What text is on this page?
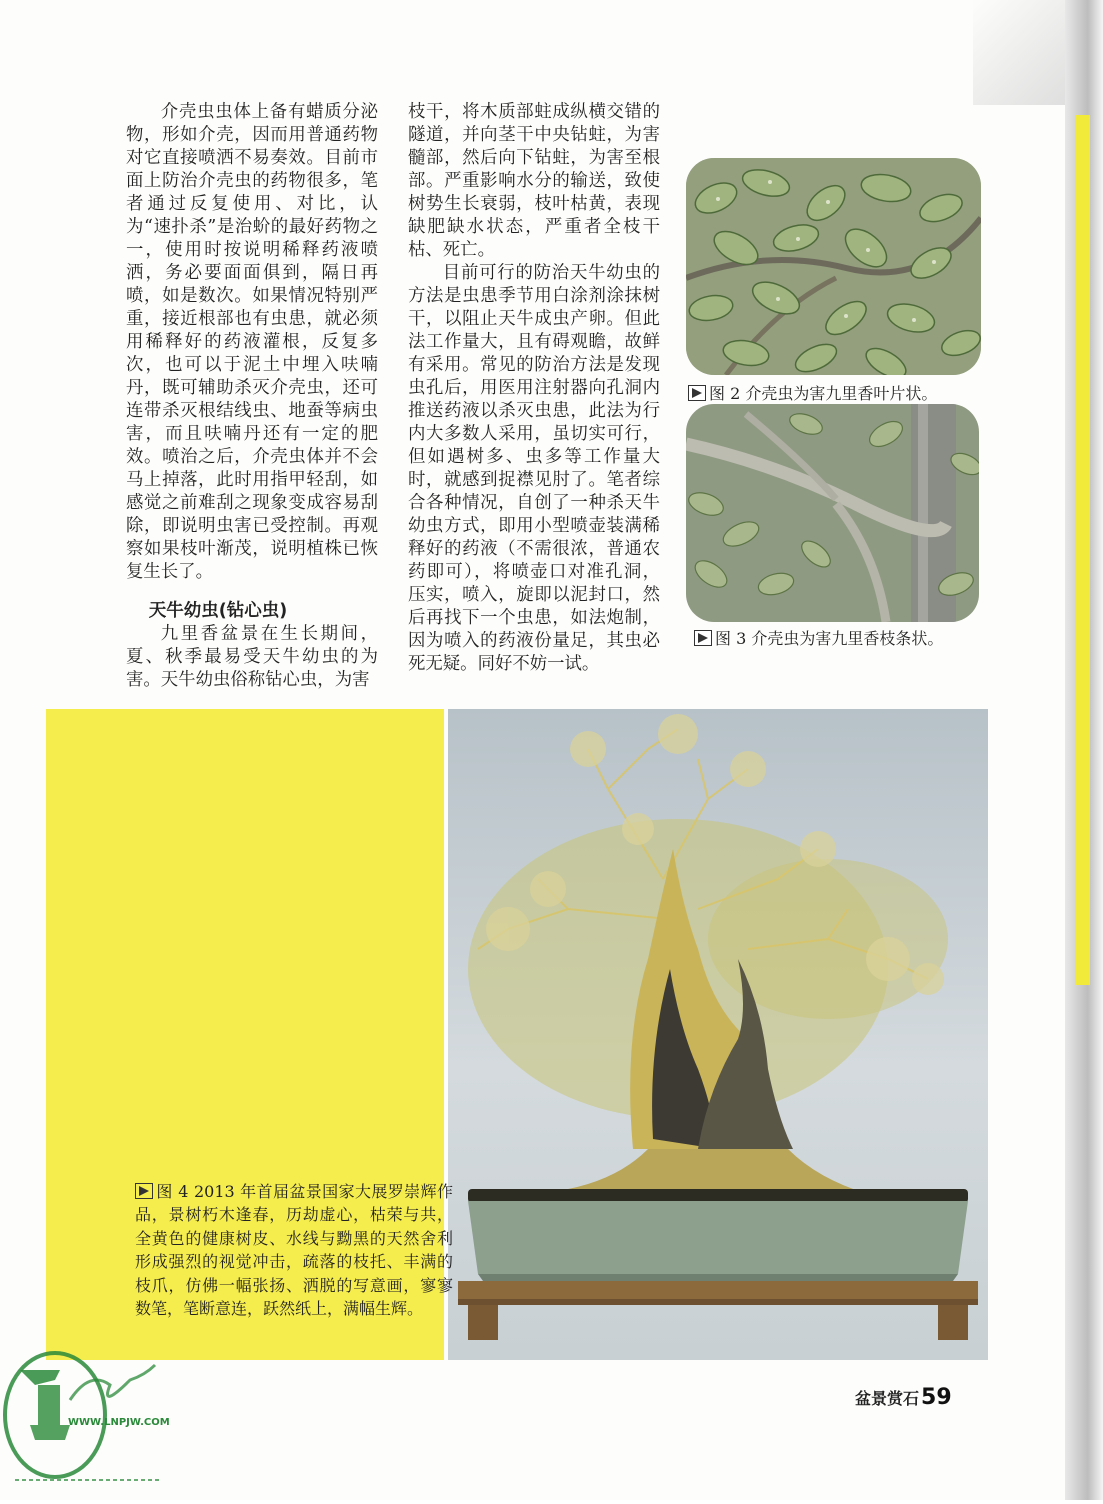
介壳虫虫体上备有蜡质分泌物，形如介壳，因而用普通药物对它直接喷洒不易奏效。目前市面上防治介壳虫的药物很多，笔者通过反复使用、对比，认为“速扑杀”是治蚧的最好药物之一，使用时按说明稀释药液喷洒，务必要面面俱到，隔日再喷，如是数次。如果情况特别严重，接近根部也有虫患，就必须用稀释好的药液灌根，反复多次，也可以于泥土中埋入呋喃丹，既可辅助杀灭介壳虫，还可连带杀灭根结线虫、地蚕等病虫害，而且呋喃丹还有一定的肥效。喷治之后，介壳虫体并不会马上掉落，此时用指甲轻刮，如感觉之前难刮之现象变成容易刮除，即说明虫害已受控制。再观察如果枝叶渐茂，说明植株已恢复生长了。

天牛幼虫(钻心虫)

九里香盆景在生长期间，夏、秋季最易受天牛幼虫的为害。天牛幼虫俗称钻心虫，为害

枝干，将木质部蛀成纵横交错的隧道，并向茎干中央钻蛀，为害髓部，然后向下钻蛀，为害至根部。严重影响水分的输送，致使树势生长衰弱，枝叶枯黄，表现缺肥缺水状态，严重者全枝干枯、死亡。

目前可行的防治天牛幼虫的方法是虫患季节用白涂剂涂抹树干，以阻止天牛成虫产卵。但此法工作量大，且有碍观瞻，故鲜有采用。常见的防治方法是发现虫孔后，用医用注射器向孔洞内推送药液以杀灭虫患，此法为行内大多数人采用，虽切实可行，但如遇树多、虫多等工作量大时，就感到捉襟见肘了。笔者综合各种情况，自创了一种杀天牛幼虫方式，即用小型喷壶装满稀释好的药液（不需很浓，普通农药即可），将喷壶口对准孔洞，压实，喷入，旋即以泥封口，然后再找下一个虫患，如法炮制，因为喷入的药液份量足，其虫必死无疑。同好不妨一试。

图 2 介壳虫为害九里香叶片状。
图 3 介壳虫为害九里香枝条状。
图 4 2013 年首届盆景国家大展罗崇辉作品，景树朽木逢春，历劫虚心，枯荣与共，全黄色的健康树皮、水线与黝黑的天然舍利形成强烈的视觉冲击，疏落的枝托、丰满的枝爪，仿佛一幅张扬、洒脱的写意画，寥寥数笔，笔断意连，跃然纸上，满幅生辉。
盆景赏石59
WWW.LNPJW.COM
